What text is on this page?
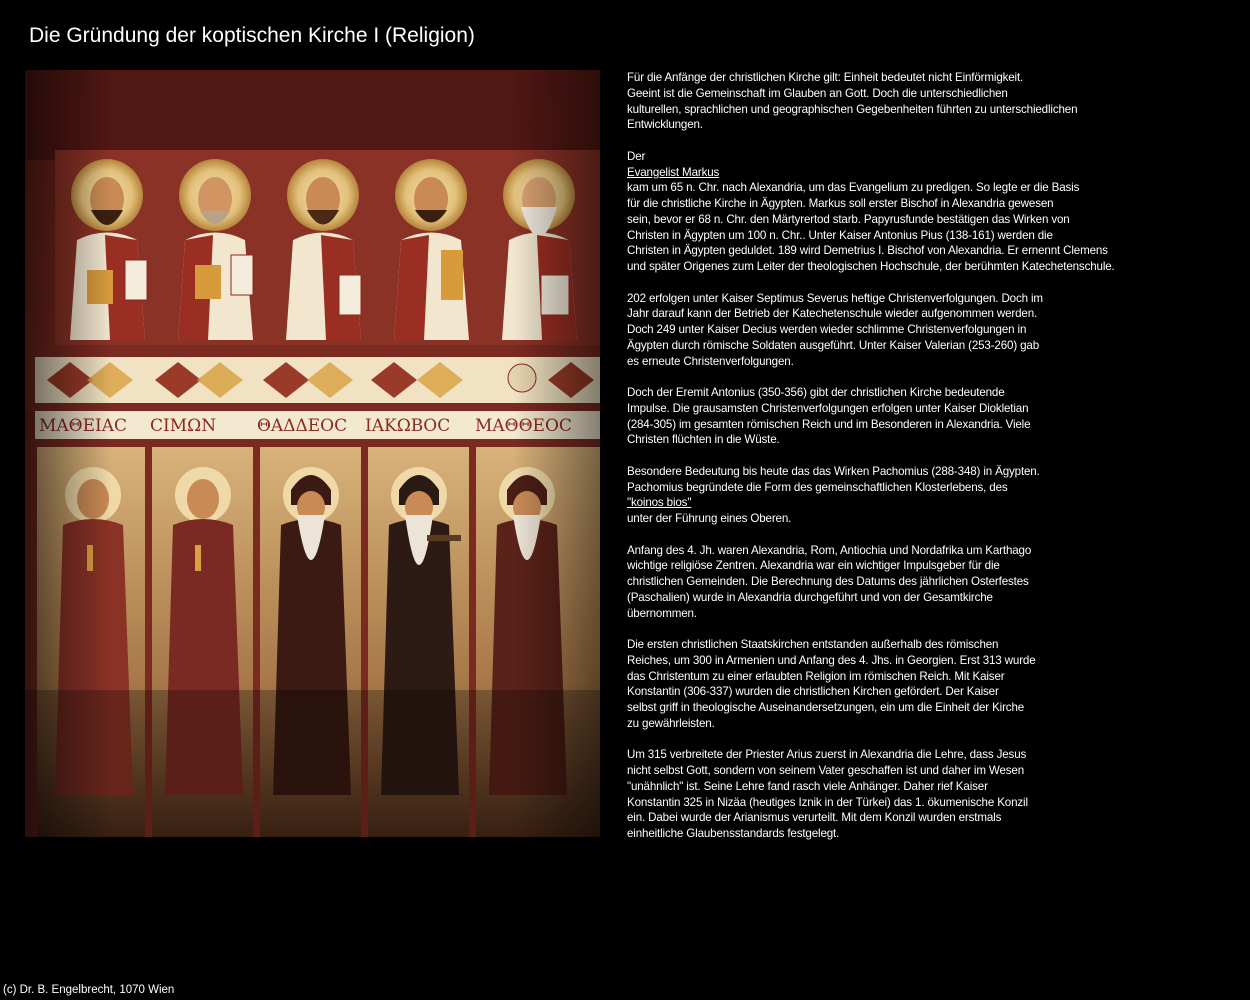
Die Gründung der koptischen Kirche I (Religion)

Für die Anfänge der christlichen Kirche gilt: Einheit bedeutet nicht Einförmigkeit.
Geeint ist die Gemeinschaft im Glauben an Gott. Doch die unterschiedlichen
kulturellen, sprachlichen und geographischen Gegebenheiten führten zu unterschiedlichen
Entwicklungen.

Der
Evangelist Markus
kam um 65 n. Chr. nach Alexandria, um das Evangelium zu predigen. So legte er die Basis
für die christliche Kirche in Ägypten. Markus soll erster Bischof in Alexandria gewesen
sein, bevor er 68 n. Chr. den Märtyrertod starb. Papyrusfunde bestätigen das Wirken von
Christen in Ägypten um 100 n. Chr.. Unter Kaiser Antonius Pius (138-161) werden die
Christen in Ägypten geduldet. 189 wird Demetrius I. Bischof von Alexandria. Er ernennt Clemens
und später Origenes zum Leiter der theologischen Hochschule, der berühmten Katechetenschule.

202 erfolgen unter Kaiser Septimus Severus heftige Christenverfolgungen. Doch im
Jahr darauf kann der Betrieb der Katechetenschule wieder aufgenommen werden.
Doch 249 unter Kaiser Decius werden wieder schlimme Christenverfolgungen in
Ägypten durch römische Soldaten ausgeführt. Unter Kaiser Valerian (253-260) gab
es erneute Christenverfolgungen.

Doch der Eremit Antonius (350-356) gibt der christlichen Kirche bedeutende
Impulse. Die grausamsten Christenverfolgungen erfolgen unter Kaiser Diokletian
(284-305) im gesamten römischen Reich und im Besonderen in Alexandria. Viele
Christen flüchten in die Wüste.

Besondere Bedeutung bis heute das das Wirken Pachomius (288-348) in Ägypten.
Pachomius begründete die Form des gemeinschaftlichen Klosterlebens, des
"koinos bios"
unter der Führung eines Oberen.

Anfang des 4. Jh. waren Alexandria, Rom, Antiochia und Nordafrika um Karthago
wichtige religiöse Zentren. Alexandria war ein wichtiger Impulsgeber für die
christlichen Gemeinden. Die Berechnung des Datums des jährlichen Osterfestes
(Paschalien) wurde in Alexandria durchgeführt und von der Gesamtkirche
übernommen.

Die ersten christlichen Staatskirchen entstanden außerhalb des römischen
Reiches, um 300 in Armenien und Anfang des 4. Jhs. in Georgien. Erst 313 wurde
das Christentum zu einer erlaubten Religion im römischen Reich. Mit Kaiser
Konstantin (306-337) wurden die christlichen Kirchen gefördert. Der Kaiser
selbst griff in theologische Auseinandersetzungen, ein um die Einheit der Kirche
zu gewährleisten.

Um 315 verbreitete der Priester Arius zuerst in Alexandria die Lehre, dass Jesus
nicht selbst Gott, sondern von seinem Vater geschaffen ist und daher im Wesen
"unähnlich" ist. Seine Lehre fand rasch viele Anhänger. Daher rief Kaiser
Konstantin 325 in Nizäa (heutiges Iznik in der Türkei) das 1. ökumenische Konzil
ein. Dabei wurde der Arianismus verurteilt. Mit dem Konzil wurden erstmals
einheitliche Glaubensstandards festgelegt.

(c) Dr. B. Engelbrecht, 1070 Wien
